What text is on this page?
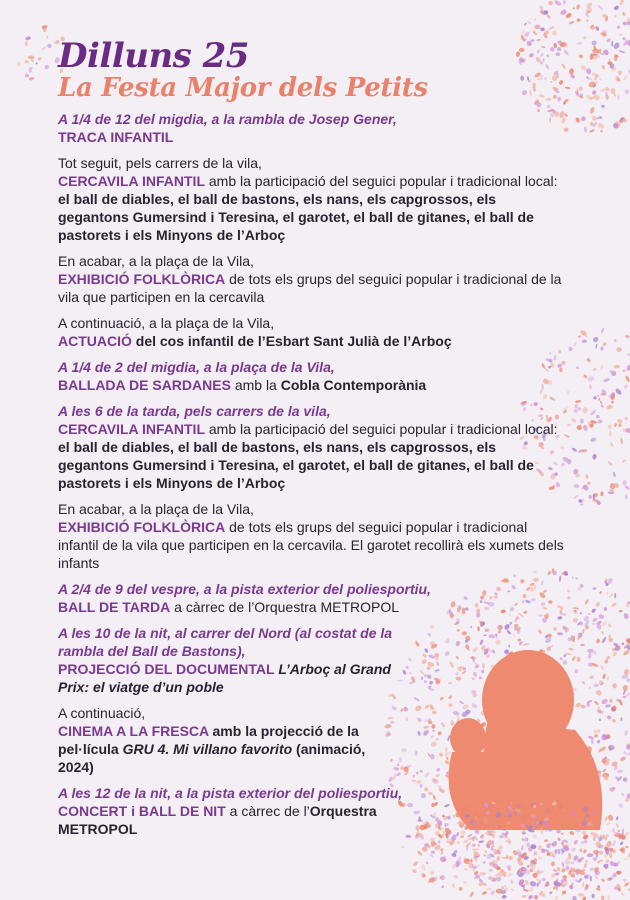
Dilluns 25
La Festa Major dels Petits
A 1/4 de 12 del migdia, a la rambla de Josep Gener,
TRACA INFANTIL
Tot seguit, pels carrers de la vila,
CERCAVILA INFANTIL amb la participació del seguici popular i tradicional local: el ball de diables, el ball de bastons, els nans, els capgrossos, els gegantons Gumersind i Teresina, el garotet, el ball de gitanes, el ball de pastorets i els Minyons de l’Arboç
En acabar, a la plaça de la Vila,
EXHIBICIÓ FOLKLÒRICA de tots els grups del seguici popular i tradicional de la vila que participen en la cercavila
A continuació, a la plaça de la Vila,
ACTUACIÓ del cos infantil de l’Esbart Sant Julià de l’Arboç
A 1/4 de 2 del migdia, a la plaça de la Vila,
BALLADA DE SARDANES amb la Cobla Contemporània
A les 6 de la tarda, pels carrers de la vila,
CERCAVILA INFANTIL amb la participació del seguici popular i tradicional local: el ball de diables, el ball de bastons, els nans, els capgrossos, els gegantons Gumersind i Teresina, el garotet, el ball de gitanes, el ball de pastorets i els Minyons de l’Arboç
En acabar, a la plaça de la Vila,
EXHIBICIÓ FOLKLÒRICA de tots els grups del seguici popular i tradicional infantil de la vila que participen en la cercavila. El garotet recollirà els xumets dels infants
A 2/4 de 9 del vespre, a la pista exterior del poliesportiu,
BALL DE TARDA a càrrec de l’Orquestra METROPOL
A les 10 de la nit, al carrer del Nord (al costat de la rambla del Ball de Bastons),
PROJECCIÓ DEL DOCUMENTAL L’Arboç al Grand Prix: el viatge d’un poble
A continuació,
CINEMA A LA FRESCA amb la projecció de la pel·lícula GRU 4. Mi villano favorito (animació, 2024)
A les 12 de la nit, a la pista exterior del poliesportiu,
CONCERT i BALL DE NIT a càrrec de l’Orquestra METROPOL
